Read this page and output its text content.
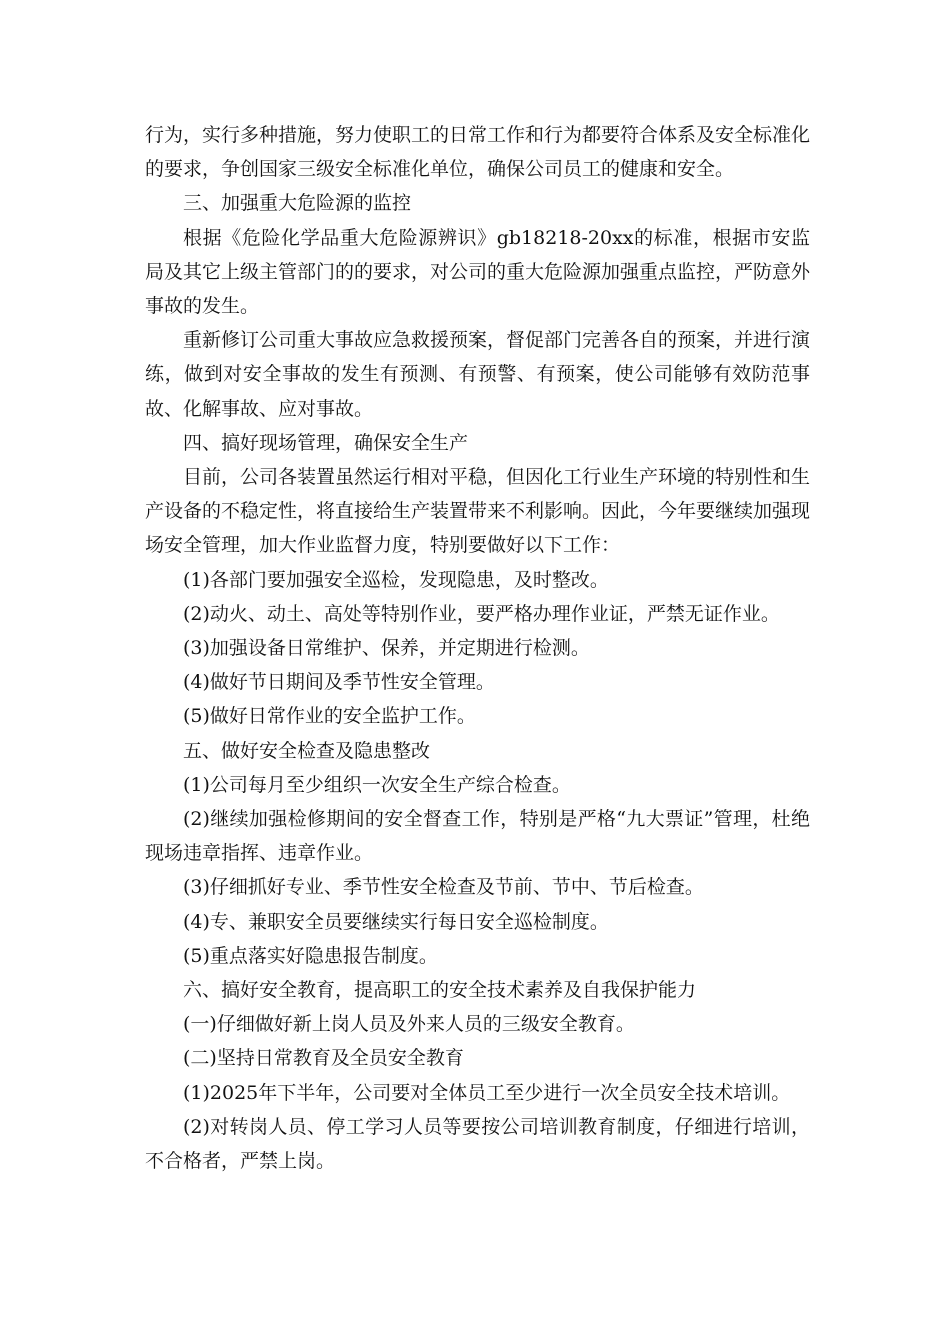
行为，实行多种措施，努力使职工的日常工作和行为都要符合体系及安全标准化的要求，争创国家三级安全标准化单位，确保公司员工的健康和安全。

三、加强重大危险源的监控

根据《危险化学品重大危险源辨识》gb18218-20xx的标准，根据市安监局及其它上级主管部门的的要求，对公司的重大危险源加强重点监控，严防意外事故的发生。

重新修订公司重大事故应急救援预案，督促部门完善各自的预案，并进行演练，做到对安全事故的发生有预测、有预警、有预案，使公司能够有效防范事故、化解事故、应对事故。

四、搞好现场管理，确保安全生产

目前，公司各装置虽然运行相对平稳，但因化工行业生产环境的特别性和生产设备的不稳定性，将直接给生产装置带来不利影响。因此，今年要继续加强现场安全管理，加大作业监督力度，特别要做好以下工作：

(1)各部门要加强安全巡检，发现隐患，及时整改。

(2)动火、动土、高处等特别作业，要严格办理作业证，严禁无证作业。

(3)加强设备日常维护、保养，并定期进行检测。

(4)做好节日期间及季节性安全管理。

(5)做好日常作业的安全监护工作。

五、做好安全检查及隐患整改

(1)公司每月至少组织一次安全生产综合检查。

(2)继续加强检修期间的安全督查工作，特别是严格“九大票证”管理，杜绝现场违章指挥、违章作业。

(3)仔细抓好专业、季节性安全检查及节前、节中、节后检查。

(4)专、兼职安全员要继续实行每日安全巡检制度。

(5)重点落实好隐患报告制度。

六、搞好安全教育，提高职工的安全技术素养及自我保护能力

(一)仔细做好新上岗人员及外来人员的三级安全教育。

(二)坚持日常教育及全员安全教育

(1)2025年下半年，公司要对全体员工至少进行一次全员安全技术培训。

(2)对转岗人员、停工学习人员等要按公司培训教育制度，仔细进行培训，不合格者，严禁上岗。
